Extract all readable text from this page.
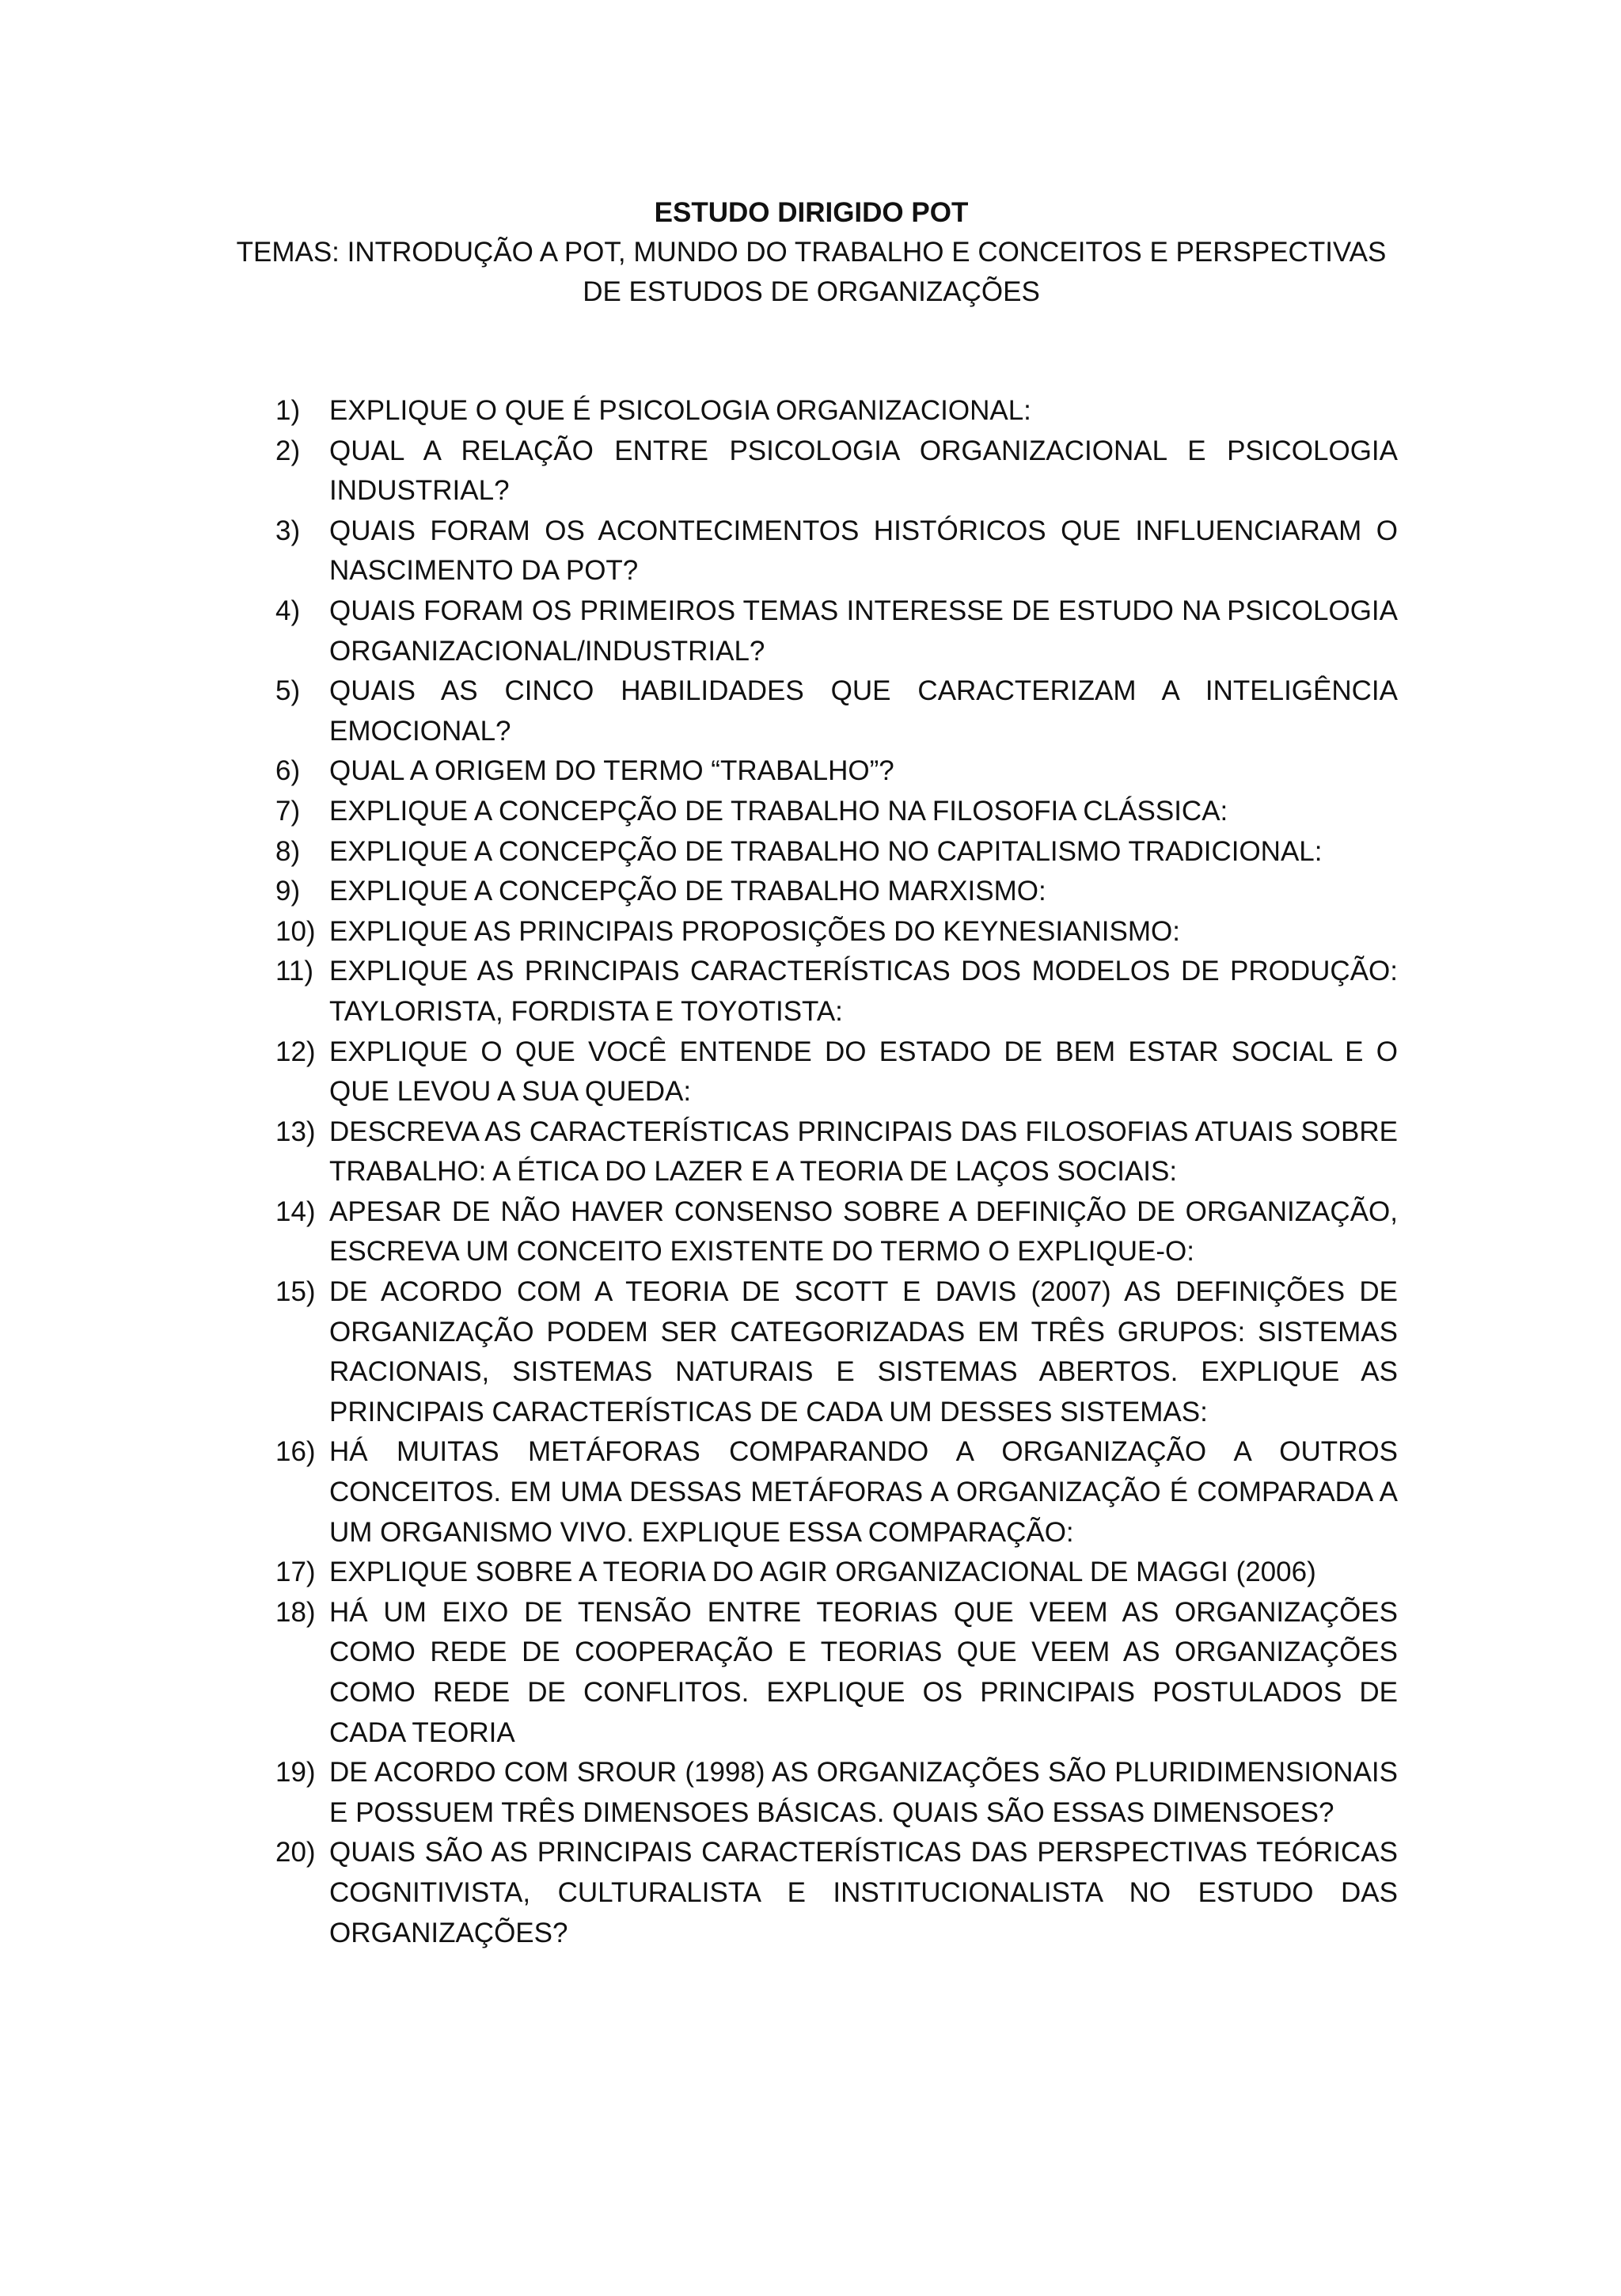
ESTUDO DIRIGIDO POT
TEMAS: INTRODUÇÃO A POT, MUNDO DO TRABALHO E CONCEITOS E PERSPECTIVAS DE ESTUDOS DE ORGANIZAÇÕES
1) EXPLIQUE O QUE É PSICOLOGIA ORGANIZACIONAL:
2) QUAL A RELAÇÃO ENTRE PSICOLOGIA ORGANIZACIONAL E PSICOLOGIA INDUSTRIAL?
3) QUAIS FORAM OS ACONTECIMENTOS HISTÓRICOS QUE INFLUENCIARAM O NASCIMENTO DA POT?
4) QUAIS FORAM OS PRIMEIROS TEMAS INTERESSE DE ESTUDO NA PSICOLOGIA ORGANIZACIONAL/INDUSTRIAL?
5) QUAIS AS CINCO HABILIDADES QUE CARACTERIZAM A INTELIGÊNCIA EMOCIONAL?
6) QUAL A ORIGEM DO TERMO “TRABALHO”?
7) EXPLIQUE A CONCEPÇÃO DE TRABALHO NA FILOSOFIA CLÁSSICA:
8) EXPLIQUE A CONCEPÇÃO DE TRABALHO NO CAPITALISMO TRADICIONAL:
9) EXPLIQUE A CONCEPÇÃO DE TRABALHO MARXISMO:
10) EXPLIQUE AS PRINCIPAIS PROPOSIÇÕES DO KEYNESIANISMO:
11) EXPLIQUE AS PRINCIPAIS CARACTERÍSTICAS DOS MODELOS DE PRODUÇÃO: TAYLORISTA, FORDISTA E TOYOTISTA:
12) EXPLIQUE O QUE VOCÊ ENTENDE DO ESTADO DE BEM ESTAR SOCIAL E O QUE LEVOU A SUA QUEDA:
13) DESCREVA AS CARACTERÍSTICAS PRINCIPAIS DAS FILOSOFIAS ATUAIS SOBRE TRABALHO: A ÉTICA DO LAZER E A TEORIA DE LAÇOS SOCIAIS:
14) APESAR DE NÃO HAVER CONSENSO SOBRE A DEFINIÇÃO DE ORGANIZAÇÃO, ESCREVA UM CONCEITO EXISTENTE DO TERMO O EXPLIQUE-O:
15) DE ACORDO COM A TEORIA DE SCOTT E DAVIS (2007) AS DEFINIÇÕES DE ORGANIZAÇÃO PODEM SER CATEGORIZADAS EM TRÊS GRUPOS: SISTEMAS RACIONAIS, SISTEMAS NATURAIS E SISTEMAS ABERTOS. EXPLIQUE AS PRINCIPAIS CARACTERÍSTICAS DE CADA UM DESSES SISTEMAS:
16) HÁ MUITAS METÁFORAS COMPARANDO A ORGANIZAÇÃO A OUTROS CONCEITOS. EM UMA DESSAS METÁFORAS A ORGANIZAÇÃO É COMPARADA A UM ORGANISMO VIVO. EXPLIQUE ESSA COMPARAÇÃO:
17) EXPLIQUE SOBRE A TEORIA DO AGIR ORGANIZACIONAL DE MAGGI (2006)
18) HÁ UM EIXO DE TENSÃO ENTRE TEORIAS QUE VEEM AS ORGANIZAÇÕES COMO REDE DE COOPERAÇÃO E TEORIAS QUE VEEM AS ORGANIZAÇÕES COMO REDE DE CONFLITOS. EXPLIQUE OS PRINCIPAIS POSTULADOS DE CADA TEORIA
19) DE ACORDO COM SROUR (1998) AS ORGANIZAÇÕES SÃO PLURIDIMENSIONAIS E POSSUEM TRÊS DIMENSOES BÁSICAS. QUAIS SÃO ESSAS DIMENSOES?
20) QUAIS SÃO AS PRINCIPAIS CARACTERÍSTICAS DAS PERSPECTIVAS TEÓRICAS COGNITIVISTA, CULTURALISTA E INSTITUCIONALISTA NO ESTUDO DAS ORGANIZAÇÕES?
